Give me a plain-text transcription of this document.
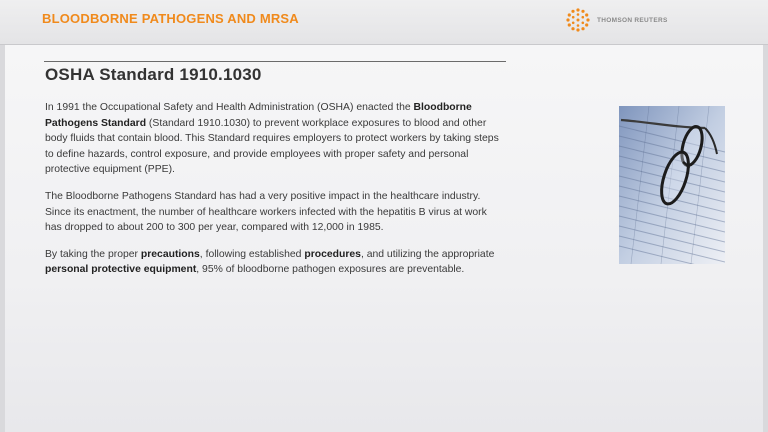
BLOODBORNE PATHOGENS AND MRSA	THOMSON REUTERS
OSHA Standard 1910.1030

In 1991 the Occupational Safety and Health Administration (OSHA) enacted the Bloodborne Pathogens Standard (Standard 1910.1030) to prevent workplace exposures to blood and other body fluids that contain blood. This Standard requires employers to protect workers by taking steps to define hazards, control exposure, and provide employees with proper safety and personal protective equipment (PPE).

The Bloodborne Pathogens Standard has had a very positive impact in the healthcare industry. Since its enactment, the number of healthcare workers infected with the hepatitis B virus at work has dropped to about 200 to 300 per year, compared with 12,000 in 1985.

By taking the proper precautions, following established procedures, and utilizing the appropriate personal protective equipment, 95% of bloodborne pathogen exposures are preventable.
